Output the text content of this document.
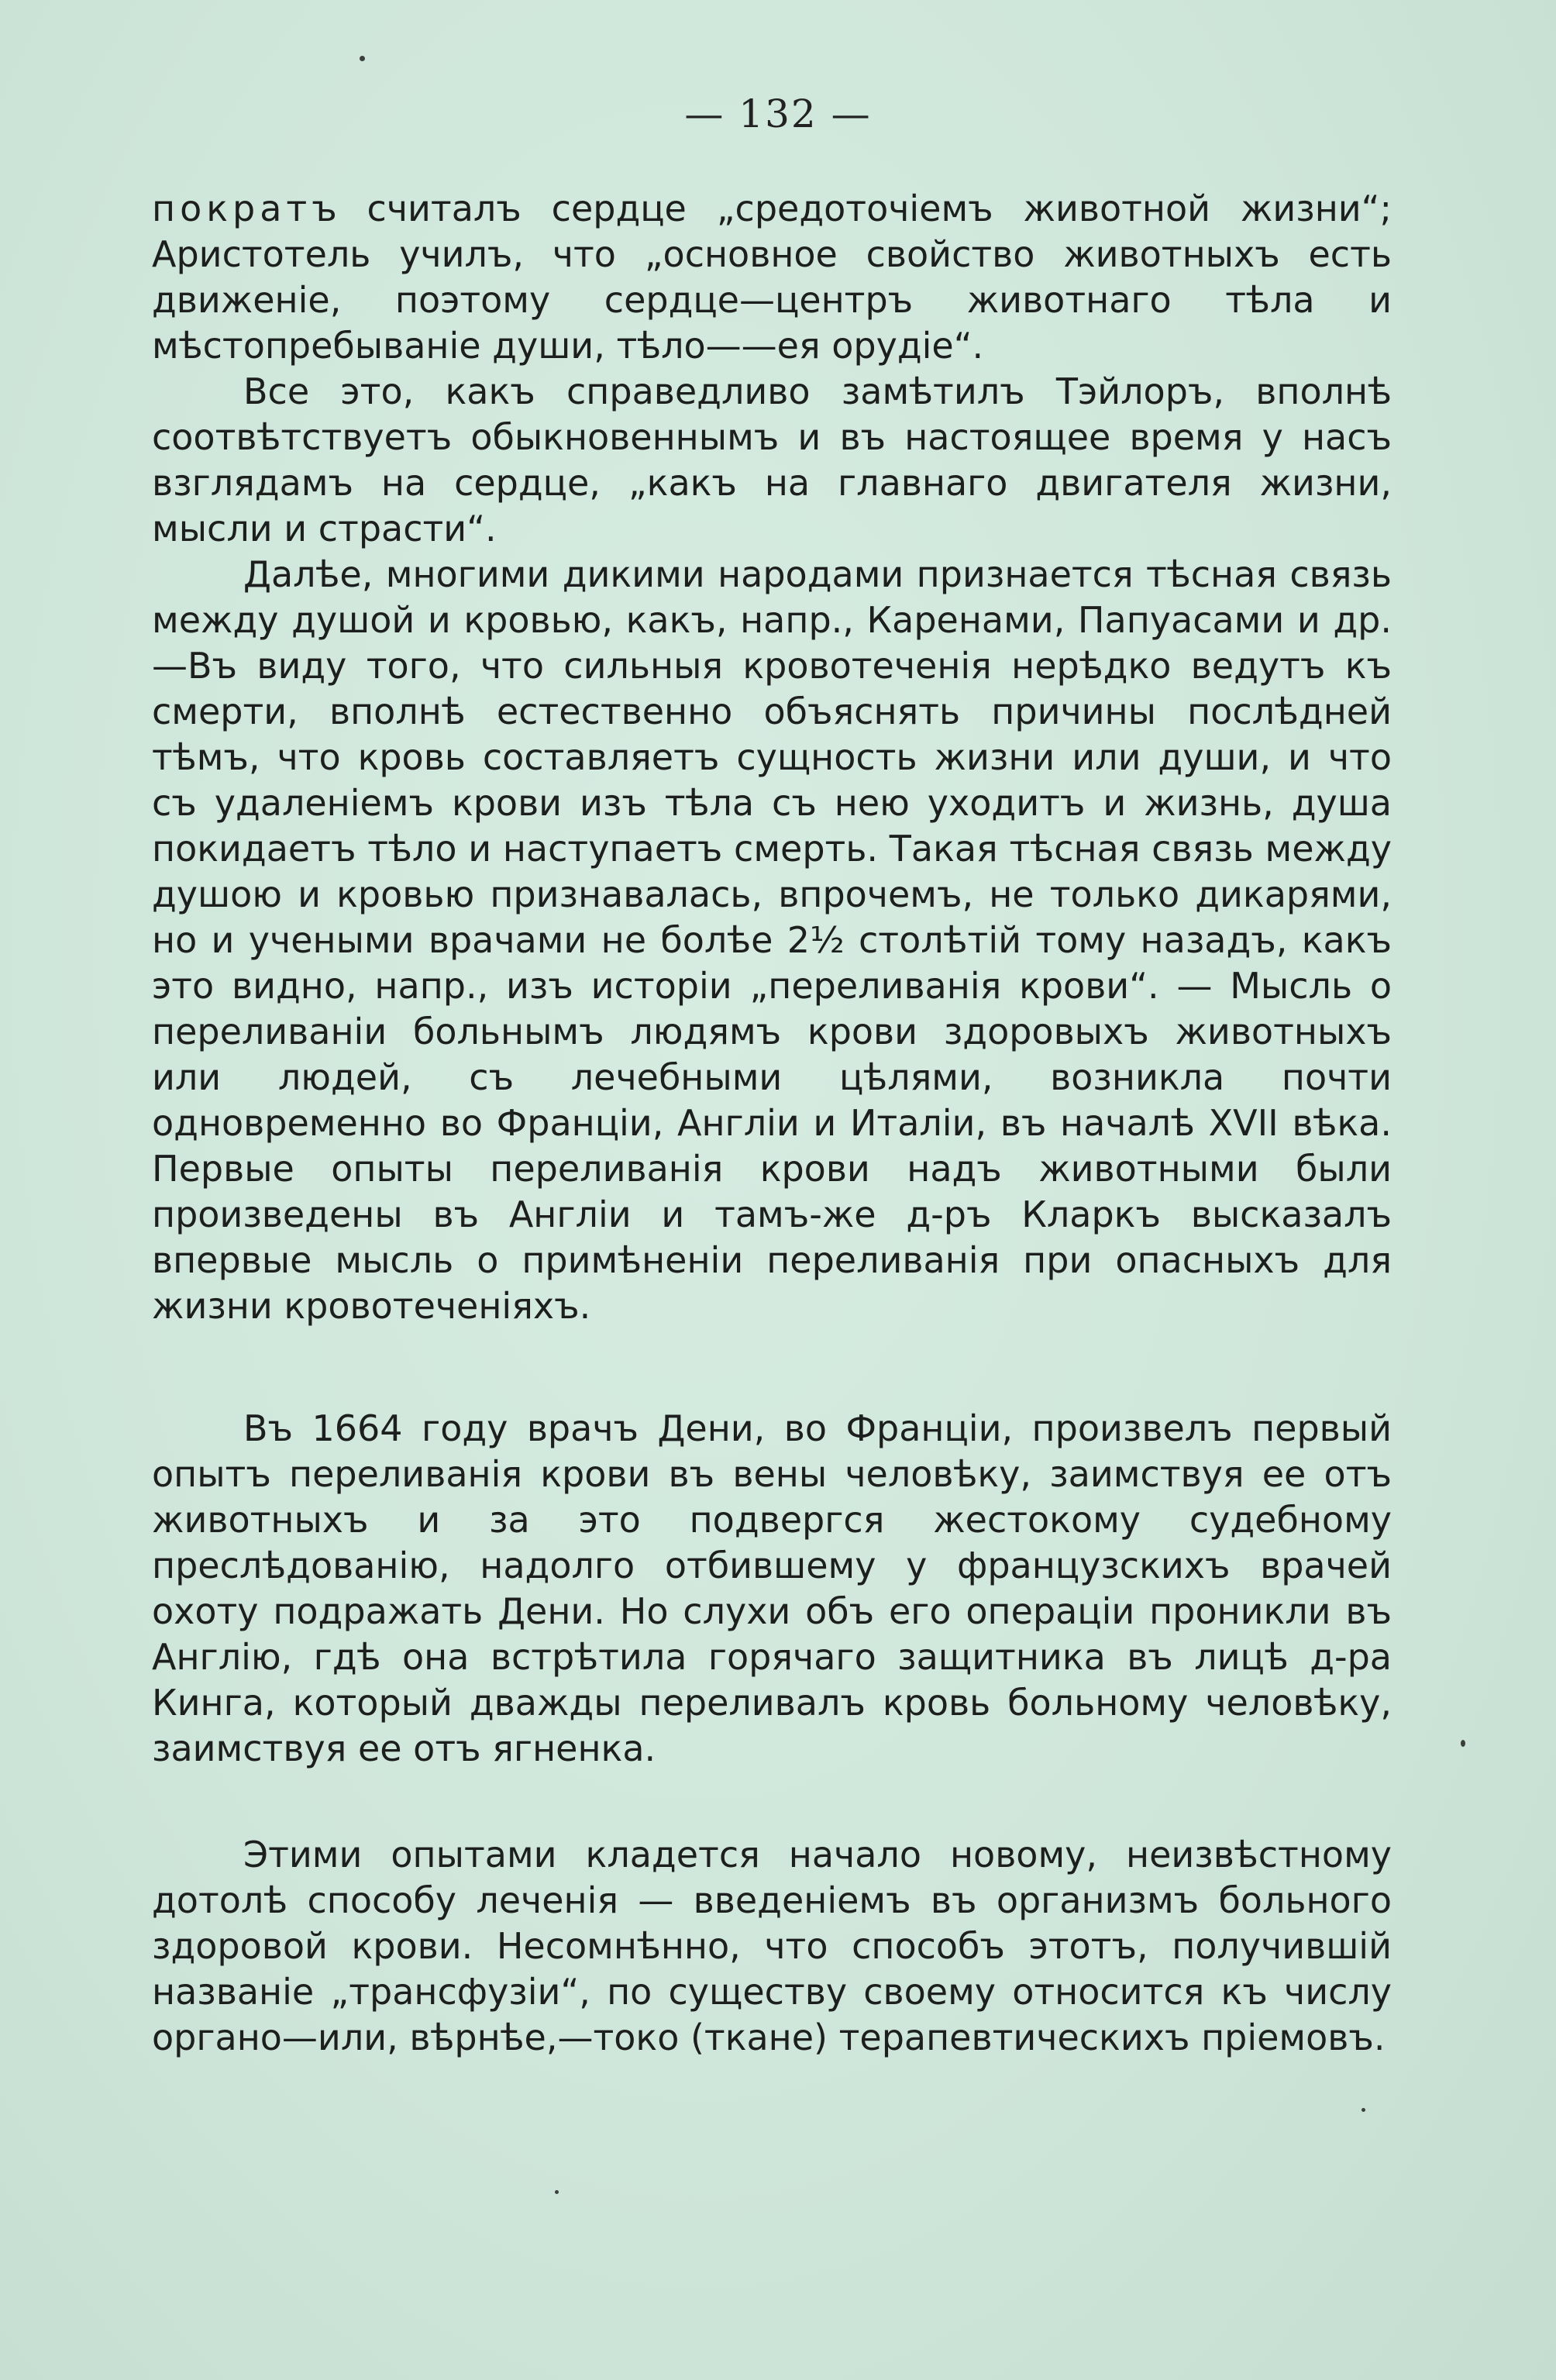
— 132 —

пократъ считалъ сердце „средоточіемъ животной жизни“; Аристотель училъ, что „основное свойство животныхъ есть движеніе, поэтому сердце—центръ животнаго тѣла и мѣстопребываніе души, тѣло——ея орудіе“.

Все это, какъ справедливо замѣтилъ Тэйлоръ, вполнѣ соотвѣтствуетъ обыкновеннымъ и въ настоящее время у насъ взглядамъ на сердце, „какъ на главнаго двигателя жизни, мысли и страсти“.

Далѣе, многими дикими народами признается тѣсная связь между душой и кровью, какъ, напр., Каренами, Папуасами и др.—Въ виду того, что сильныя кровотеченія нерѣдко ведутъ къ смерти, вполнѣ естественно объяснять причины послѣдней тѣмъ, что кровь составляетъ сущность жизни или души, и что съ удаленіемъ крови изъ тѣла съ нею уходитъ и жизнь, душа покидаетъ тѣло и наступаетъ смерть. Такая тѣсная связь между душою и кровью признавалась, впрочемъ, не только дикарями, но и учеными врачами не болѣе 2½ столѣтій тому назадъ, какъ это видно, напр., изъ исторіи „переливанія крови“. — Мысль о переливаніи больнымъ людямъ крови здоровыхъ животныхъ или людей, съ лечебными цѣлями, возникла почти одновременно во Франціи, Англіи и Италіи, въ началѣ XVII вѣка. Первые опыты переливанія крови надъ животными были произведены въ Англіи и тамъ-же д-ръ Кларкъ высказалъ впервые мысль о примѣненіи переливанія при опасныхъ для жизни кровотеченіяхъ.

Въ 1664 году врачъ Дени, во Франціи, произвелъ первый опытъ переливанія крови въ вены человѣку, заимствуя ее отъ животныхъ и за это подвергся жестокому судебному преслѣдованію, надолго отбившему у французскихъ врачей охоту подражать Дени. Но слухи объ его операціи проникли въ Англію, гдѣ она встрѣтила горячаго защитника въ лицѣ д-ра Кинга, который дважды переливалъ кровь больному человѣку, заимствуя ее отъ ягненка.

Этими опытами кладется начало новому, неизвѣстному дотолѣ способу леченія — введеніемъ въ организмъ больного здоровой крови. Несомнѣнно, что способъ этотъ, получившій названіе „трансфузіи“, по существу своему относится къ числу органо—или, вѣрнѣе,—токо (ткане) терапевтическихъ пріемовъ.
